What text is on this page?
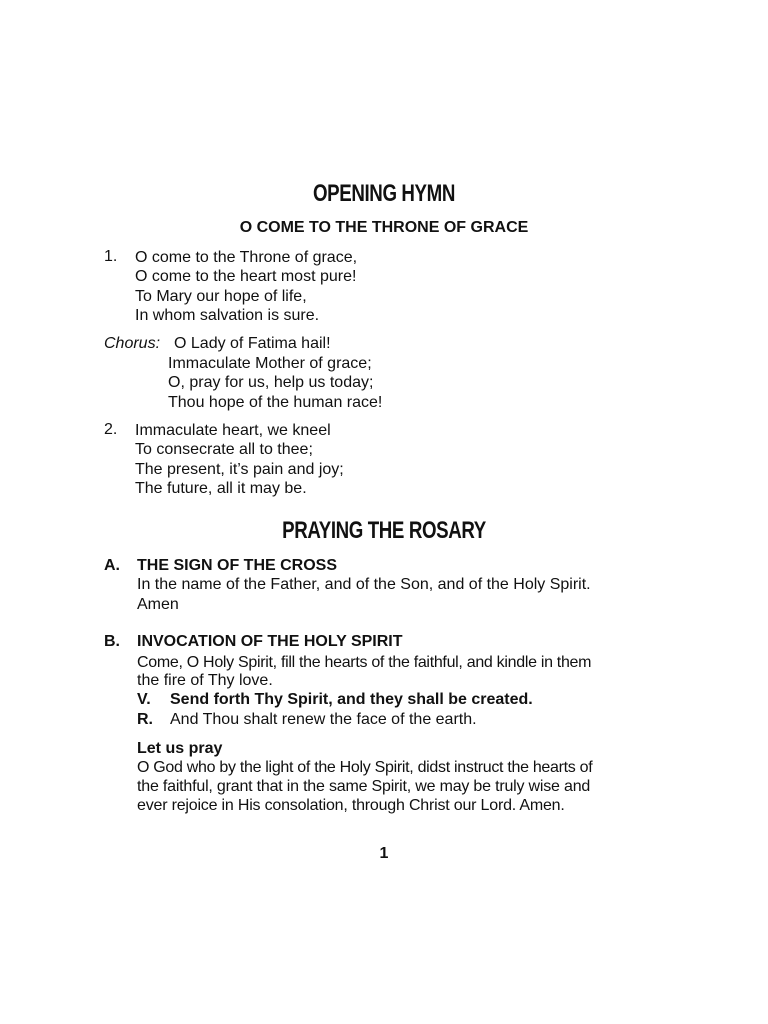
OPENING HYMN
O COME TO THE THRONE OF GRACE
1. O come to the Throne of grace,
O come to the heart most pure!
To Mary our hope of life,
In whom salvation is sure.
Chorus: O Lady of Fatima hail!
Immaculate Mother of grace;
O, pray for us, help us today;
Thou hope of the human race!
2. Immaculate heart, we kneel
To consecrate all to thee;
The present, it’s pain and joy;
The future, all it may be.
PRAYING THE ROSARY
A. THE SIGN OF THE CROSS
In the name of the Father, and of the Son, and of the Holy Spirit.
Amen
B. INVOCATION OF THE HOLY SPIRIT
Come, O Holy Spirit, fill the hearts of the faithful, and kindle in them
the fire of Thy love.
V. Send forth Thy Spirit, and they shall be created.
R. And Thou shalt renew the face of the earth.
Let us pray
O God who by the light of the Holy Spirit, didst instruct the hearts of
the faithful, grant that in the same Spirit, we may be truly wise and
ever rejoice in His consolation, through Christ our Lord. Amen.
1
